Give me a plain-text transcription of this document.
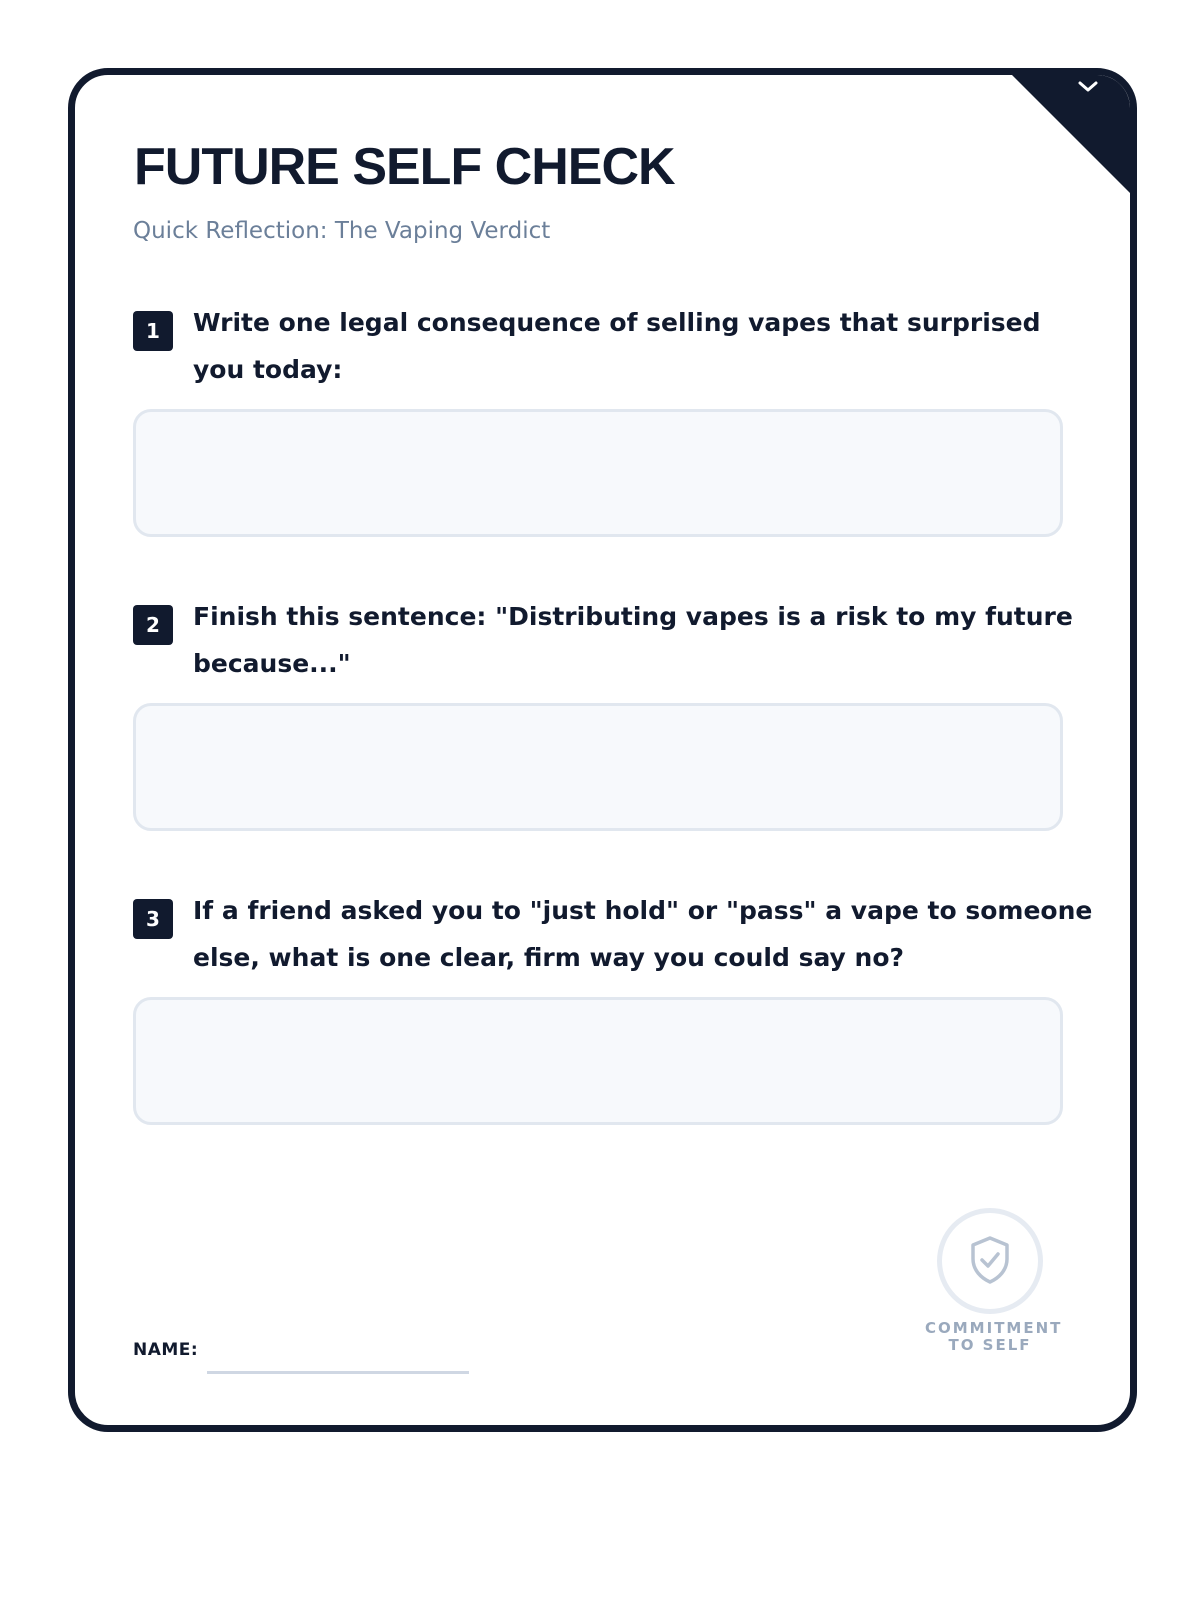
FUTURE SELF CHECK
Quick Reflection: The Vaping Verdict
1	Write one legal consequence of selling vapes that surprised you today:
2	Finish this sentence: "Distributing vapes is a risk to my future because..."
3	If a friend asked you to "just hold" or "pass" a vape to someone else, what is one clear, firm way you could say no?
NAME:
COMMITMENT
TO SELF
